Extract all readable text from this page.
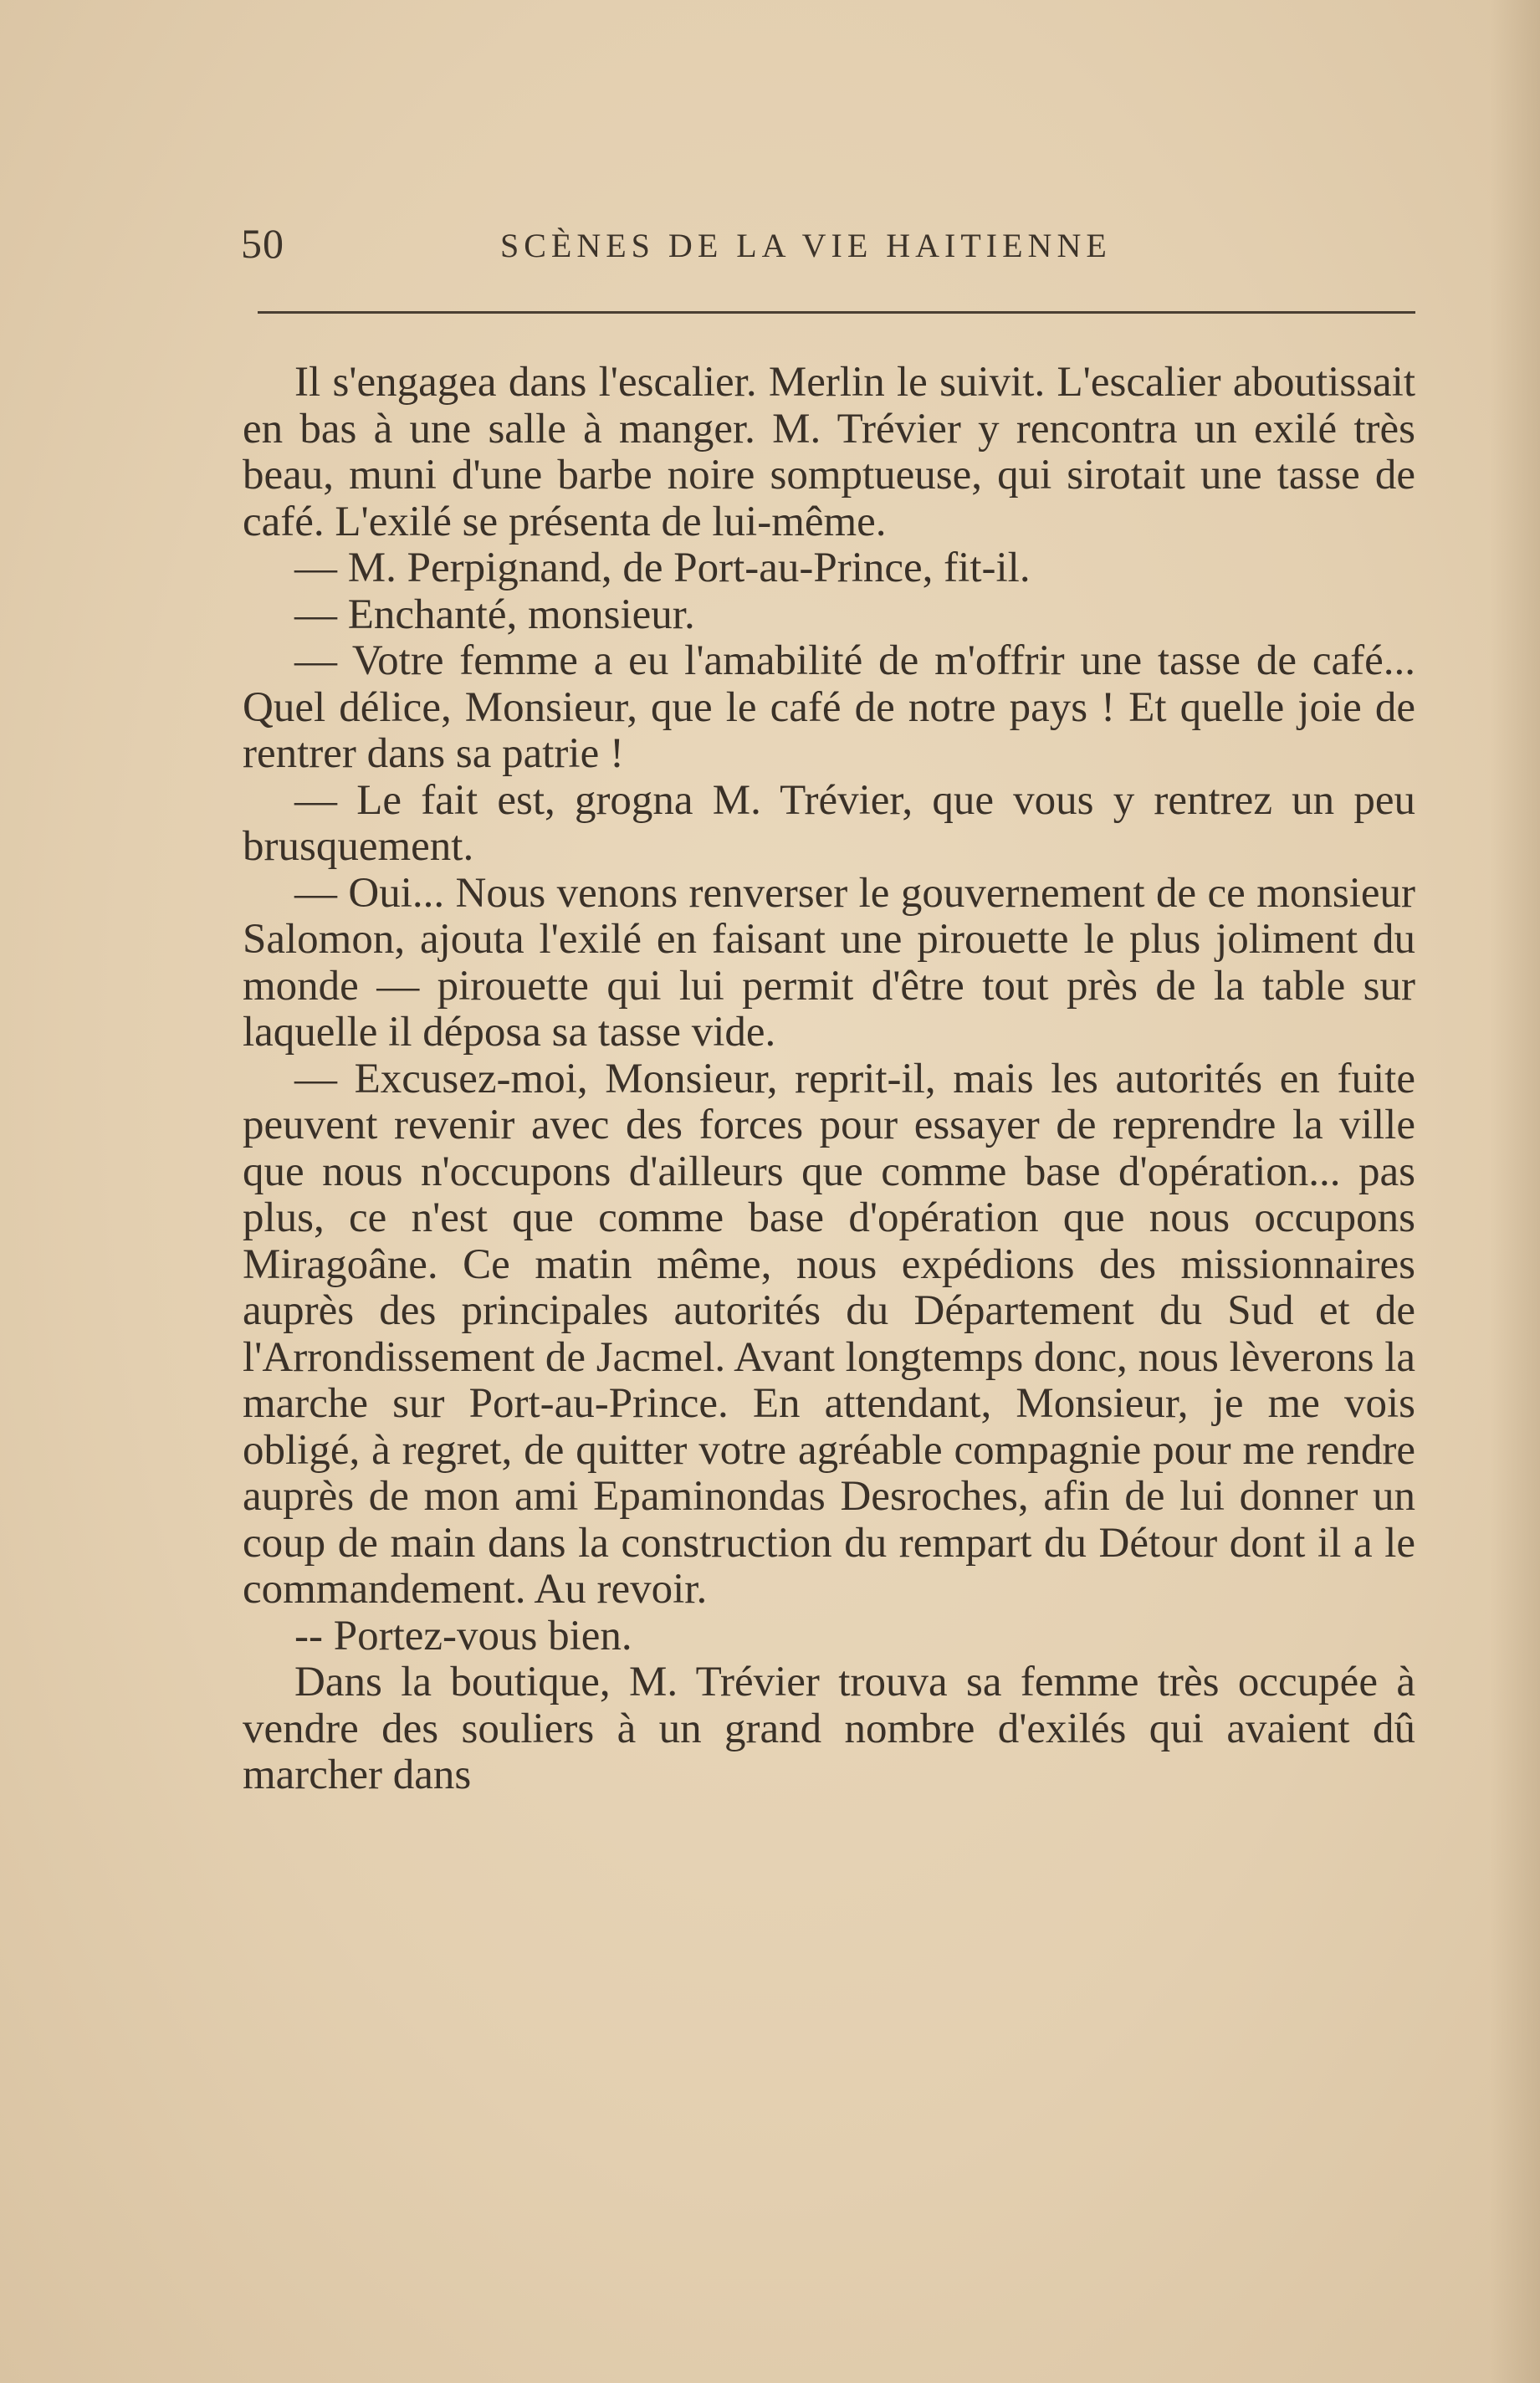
50	SCÈNES DE LA VIE HAITIENNE

Il s'engagea dans l'escalier. Merlin le suivit. L'escalier aboutissait en bas à une salle à manger. M. Trévier y rencontra un exilé très beau, muni d'une barbe noire somptueuse, qui sirotait une tasse de café. L'exilé se présenta de lui-même.

— M. Perpignand, de Port-au-Prince, fit-il.

— Enchanté, monsieur.

— Votre femme a eu l'amabilité de m'offrir une tasse de café... Quel délice, Monsieur, que le café de notre pays ! Et quelle joie de rentrer dans sa patrie !

— Le fait est, grogna M. Trévier, que vous y rentrez un peu brusquement.

— Oui... Nous venons renverser le gouvernement de ce monsieur Salomon, ajouta l'exilé en faisant une pirouette le plus joliment du monde — pirouette qui lui permit d'être tout près de la table sur laquelle il déposa sa tasse vide.

— Excusez-moi, Monsieur, reprit-il, mais les autorités en fuite peuvent revenir avec des forces pour essayer de reprendre la ville que nous n'occupons d'ailleurs que comme base d'opération... pas plus, ce n'est que comme base d'opération que nous occupons Miragoâne. Ce matin même, nous expédions des missionnaires auprès des principales autorités du Département du Sud et de l'Arrondissement de Jacmel. Avant longtemps donc, nous lèverons la marche sur Port-au-Prince. En attendant, Monsieur, je me vois obligé, à regret, de quitter votre agréable compagnie pour me rendre auprès de mon ami Epaminondas Desroches, afin de lui donner un coup de main dans la construction du rempart du Détour dont il a le commandement. Au revoir.

-- Portez-vous bien.

Dans la boutique, M. Trévier trouva sa femme très occupée à vendre des souliers à un grand nombre d'exilés qui avaient dû marcher dans
